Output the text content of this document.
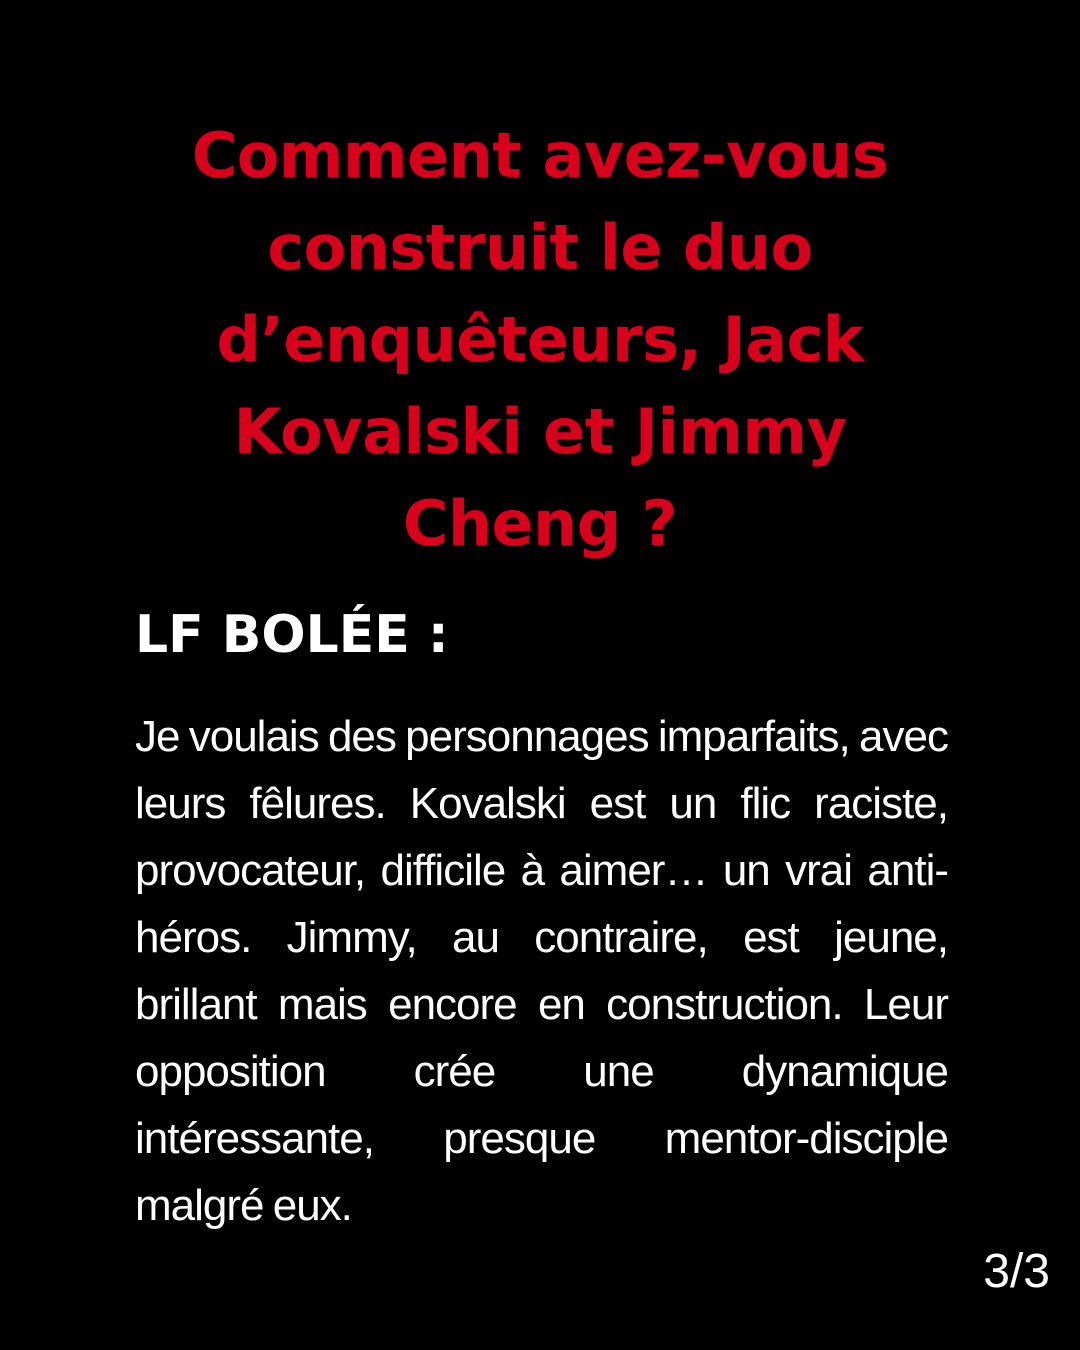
Comment avez-vous construit le duo d’enquêteurs, Jack Kovalski et Jimmy Cheng ?
LF BOLÉE :

Je voulais des personnages imparfaits, avec leurs fêlures. Kovalski est un flic raciste, provocateur, difficile à aimer… un vrai anti-héros. Jimmy, au contraire, est jeune, brillant mais encore en construction. Leur opposition crée une dynamique intéressante, presque mentor-disciple malgré eux.

3/3
